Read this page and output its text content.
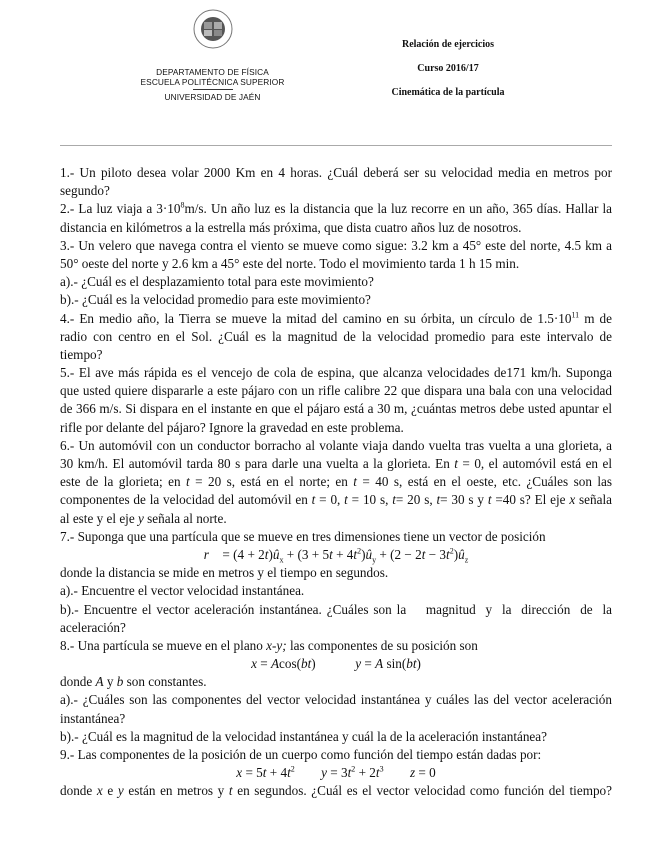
DEPARTAMENTO DE FÍSICA
ESCUELA POLITÉCNICA SUPERIOR
UNIVERSIDAD DE JAÉN
Relación de ejercicios
Curso 2016/17
Cinemática de la partícula
1.- Un piloto desea volar 2000 Km en 4 horas. ¿Cuál deberá ser su velocidad media en metros por
segundo?
2.- La luz viaja a $3\cdot 10^8m/s$. Un año luz es la distancia que la luz recorre en un año, 365 días. Hallar la
distancia en kilómetros a la estrella más próxima, que dista cuatro años luz de nosotros.
3.- Un velero que navega contra el viento se mueve como sigue: 3.2 km a 45° este del norte, 4.5 km a
50° oeste del norte y 2.6 km a 45° este del norte. Todo el movimiento tarda 1 h 15 min.
a).- ¿Cuál es el desplazamiento total para este movimiento?
b).- ¿Cuál es la velocidad promedio para este movimiento?
4.- En medio año, la Tierra se mueve la mitad del camino en su órbita, un círculo de $1.5\cdot 10^{11}$ m de
radio con centro en el Sol. ¿Cuál es la magnitud de la velocidad promedio para este intervalo de
tiempo?
5.- El ave más rápida es el vencejo de cola de espina, que alcanza velocidades de171 km/h. Suponga
que usted quiere dispararle a este pájaro con un rifle calibre 22 que dispara una bala con una velocidad
de 366 m/s. Si dispara en el instante en que el pájaro está a 30 m, ¿cuántas metros debe usted apuntar el
rifle por delante del pájaro? Ignore la gravedad en este problema.
6.- Un automóvil con un conductor borracho al volante viaja dando vuelta tras vuelta a una glorieta, a
30 km/h. El automóvil tarda 80 s para darle una vuelta a la glorieta. En t = 0, el automóvil está en el
este de la glorieta; en t = 20 s, está en el norte; en t = 40 s, está en el oeste, etc. ¿Cuáles son las
componentes de la velocidad del automóvil en t = 0, t = 10 s, t= 20 s, t= 30 s y t =40 s? El eje x señala
al este y el eje y señala al norte.
7.- Suponga que una partícula que se mueve en tres dimensiones tiene un vector de posición
r⃗ = $(4 + 2t)û_x + (3 + 5t$ + $4t^2)û_y + (2 - 2t$ − $3t^2)û_z$
donde la distancia se mide en metros y el tiempo en segundos.
a).- Encuentre el vector velocidad instantánea.
b).- Encuentre el vector aceleración instantánea. ¿Cuáles son la    magnitud  y  la  dirección  de  la
aceleración?
8.- Una partícula se mueve en el plano x-y; las componentes de su posición son
x = Acos(bt)            y = A sin(bt)
donde A y b son constantes.
a).- ¿Cuáles son las componentes del vector velocidad instantánea y cuáles las del vector aceleración
instantánea?
b).- ¿Cuál es la magnitud de la velocidad instantánea y cuál la de la aceleración instantánea?
9.- Las componentes de la posición de un cuerpo como función del tiempo están dadas por:
$x = 5t + 4t^2$ $y = 3t^2 + 2t^3$ z = 0
donde x e y están en metros y t en segundos. ¿Cuál es el vector velocidad como función del tiempo?
